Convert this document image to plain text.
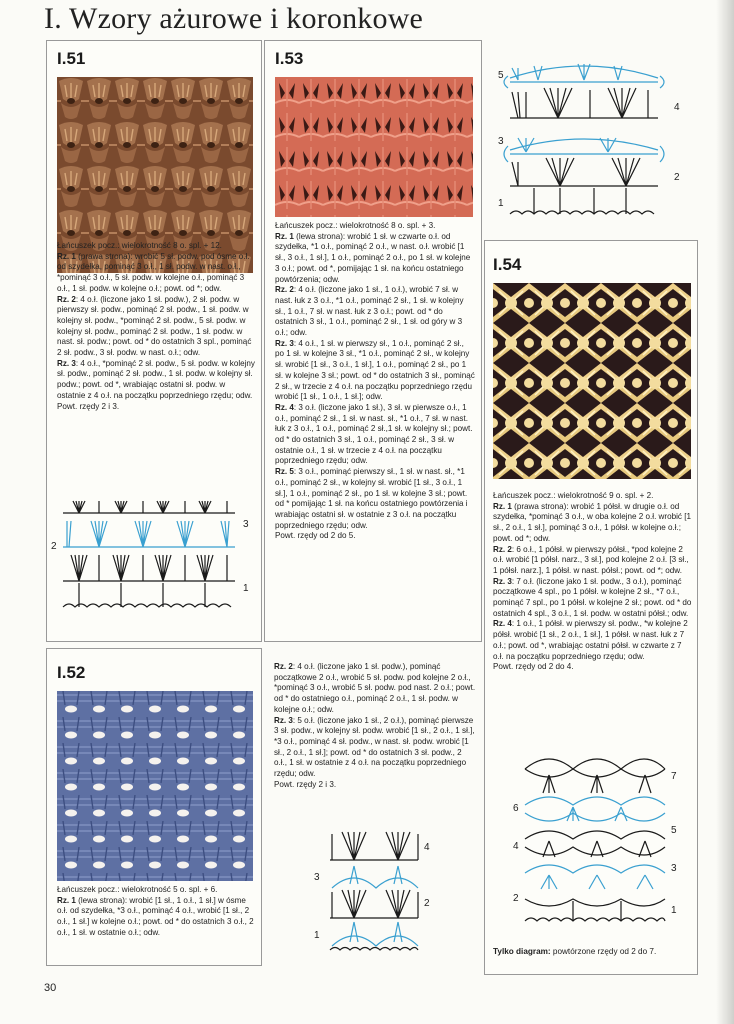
I. Wzory ażurowe i koronkowe
I.51

Łańcuszek pocz.: wielokrotność 8 o. spl. + 12.

Rz. 1 (prawa strona): wrobić 5 sł. podw. pod ósme o.ł. od szydełka, pominąć 3 o.ł., 1 sł. podw. w nast. o.ł., *pominąć 3 o.ł., 5 sł. podw. w kolejne o.ł., pominąć 3 o.ł., 1 sł. podw. w kolejne o.ł.; powt. od *; odw.

Rz. 2: 4 o.ł. (liczone jako 1 sł. podw.), 2 sł. podw. w pierwszy sł. podw., pominąć 2 sł. podw., 1 sł. podw. w kolejny sł. podw., *pominąć 2 sł. podw., 5 sł. podw. w kolejny sł. podw., pominąć 2 sł. podw., 1 sł. podw. w nast. sł. podw.; powt. od * do ostatnich 3 spl., pominąć 2 sł. podw., 3 sł. podw. w nast. o.ł.; odw.

Rz. 3: 4 o.ł., *pominąć 2 sł. podw., 5 sł. podw. w kolejny sł. podw., pominąć 2 sł. podw., 1 sł. podw. w kolejny sł. podw.; powt. od *, wrabiając ostatni sł. podw. w ostatnie z 4 o.ł. na początku poprzedniego rzędu; odw.

Powt. rzędy 2 i 3.

3
2
1
I.53

Łańcuszek pocz.: wielokrotność 8 o. spl. + 3.

Rz. 1 (lewa strona): wrobić 1 sł. w czwarte o.ł. od szydełka, *1 o.ł., pominąć 2 o.ł., w nast. o.ł. wrobić [1 sł., 3 o.ł., 1 sł.], 1 o.ł., pominąć 2 o.ł., po 1 sł. w kolejne 3 o.ł.; powt. od *, pomijając 1 sł. na końcu ostatniego powtórzenia; odw.

Rz. 2: 4 o.ł. (liczone jako 1 sł., 1 o.ł.), wrobić 7 sł. w nast. łuk z 3 o.ł., *1 o.ł., pominąć 2 sł., 1 sł. w kolejny sł., 1 o.ł., 7 sł. w nast. łuk z 3 o.ł.; powt. od * do ostatnich 3 sł., 1 o.ł., pominąć 2 sł., 1 sł. od góry w 3 o.ł.; odw.

Rz. 3: 4 o.ł., 1 sł. w pierwszy sł., 1 o.ł., pominąć 2 sł., po 1 sł. w kolejne 3 sł., *1 o.ł., pominąć 2 sł., w kolejny sł. wrobić [1 sł., 3 o.ł., 1 sł.], 1 o.ł., pominąć 2 sł., po 1 sł. w kolejne 3 sł.; powt. od * do ostatnich 3 sł., pominąć 2 sł., w trzecie z 4 o.ł. na początku poprzedniego rzędu wrobić [1 sł., 1 o.ł., 1 sł.]; odw.

Rz. 4: 3 o.ł. (liczone jako 1 sł.), 3 sł. w pierwsze o.ł., 1 o.ł., pominąć 2 sł., 1 sł. w nast. sł., *1 o.ł., 7 sł. w nast. łuk z 3 o.ł., 1 o.ł., pominąć 2 sł.,1 sł. w kolejny sł.; powt. od * do ostatnich 3 sł., 1 o.ł., pominąć 2 sł., 3 sł. w ostatnie o.ł., 1 sł. w trzecie z 4 o.ł. na początku poprzedniego rzędu; odw.

Rz. 5: 3 o.ł., pominąć pierwszy sł., 1 sł. w nast. sł., *1 o.ł., pominąć 2 sł., w kolejny sł. wrobić [1 sł., 3 o.ł., 1 sł.], 1 o.ł., pominąć 2 sł., po 1 sł. w kolejne 3 sł.; powt. od * pomijając 1 sł. na końcu ostatniego powtórzenia i wrabiając ostatni sł. w ostatnie z 3 o.ł. na początku poprzedniego rzędu; odw.

Powt. rzędy od 2 do 5.

5
4
3
2
1
I.54

Łańcuszek pocz.: wielokrotność 9 o. spl. + 2.

Rz. 1 (prawa strona): wrobić 1 półsł. w drugie o.ł. od szydełka, *pominąć 3 o.ł., w oba kolejne 2 o.ł. wrobić [1 sł., 2 o.ł., 1 sł.], pominąć 3 o.ł., 1 półsł. w kolejne o.ł.; powt. od *; odw.

Rz. 2: 6 o.ł., 1 półsł. w pierwszy półsł., *pod kolejne 2 o.ł. wrobić [1 półsł. narz., 3 sł.], pod kolejne 2 o.ł. [3 sł., 1 półsł. narz.], 1 półsł. w nast. półsł.; powt. od *; odw.

Rz. 3: 7 o.ł. (liczone jako 1 sł. podw., 3 o.ł.), pominąć początkowe 4 spl., po 1 półsł. w kolejne 2 sł., *7 o.ł., pominąć 7 spl., po 1 półsł. w kolejne 2 sł.; powt. od * do ostatnich 4 spl., 3 o.ł., 1 sł. podw. w ostatni półsł.; odw.

Rz. 4: 1 o.ł., 1 półsł. w pierwszy sł. podw., *w kolejne 2 półsł. wrobić [1 sł., 2 o.ł., 1 sł.], 1 półsł. w nast. łuk z 7 o.ł.; powt. od *, wrabiając ostatni półsł. w czwarte z 7 o.ł. na początku poprzedniego rzędu; odw.

Powt. rzędy od 2 do 4.

7
6
5
4
3
2
1
Tylko diagram: powtórzone rzędy od 2 do 7.
I.52

Łańcuszek pocz.: wielokrotność 5 o. spl. + 6.

Rz. 1 (lewa strona): wrobić [1 sł., 1 o.ł., 1 sł.] w ósme o.ł. od szydełka, *3 o.ł., pominąć 4 o.ł., wrobić [1 sł., 2 o.ł., 1 sł.] w kolejne o.ł.; powt. od * do ostatnich 3 o.ł., 2 o.ł., 1 sł. w ostatnie o.ł.; odw.

Rz. 2: 4 o.ł. (liczone jako 1 sł. podw.), pominąć początkowe 2 o.ł., wrobić 5 sł. podw. pod kolejne 2 o.ł., *pominąć 3 o.ł., wrobić 5 sł. podw. pod nast. 2 o.ł.; powt. od * do ostatniego o.ł., pominąć 2 o.ł., 1 sł. podw. w kolejne o.ł.; odw.

Rz. 3: 5 o.ł. (liczone jako 1 sł., 2 o.ł.), pominąć pierwsze 3 sł. podw., w kolejny sł. podw. wrobić [1 sł., 2 o.ł., 1 sł.], *3 o.ł., pominąć 4 sł. podw., w nast. sł. podw. wrobić [1 sł., 2 o.ł., 1 sł.]; powt. od * do ostatnich 3 sł. podw., 2 o.ł., 1 sł. w ostatnie z 4 o.ł. na początku poprzedniego rzędu; odw.

Powt. rzędy 2 i 3.

4
3
2
1
30
